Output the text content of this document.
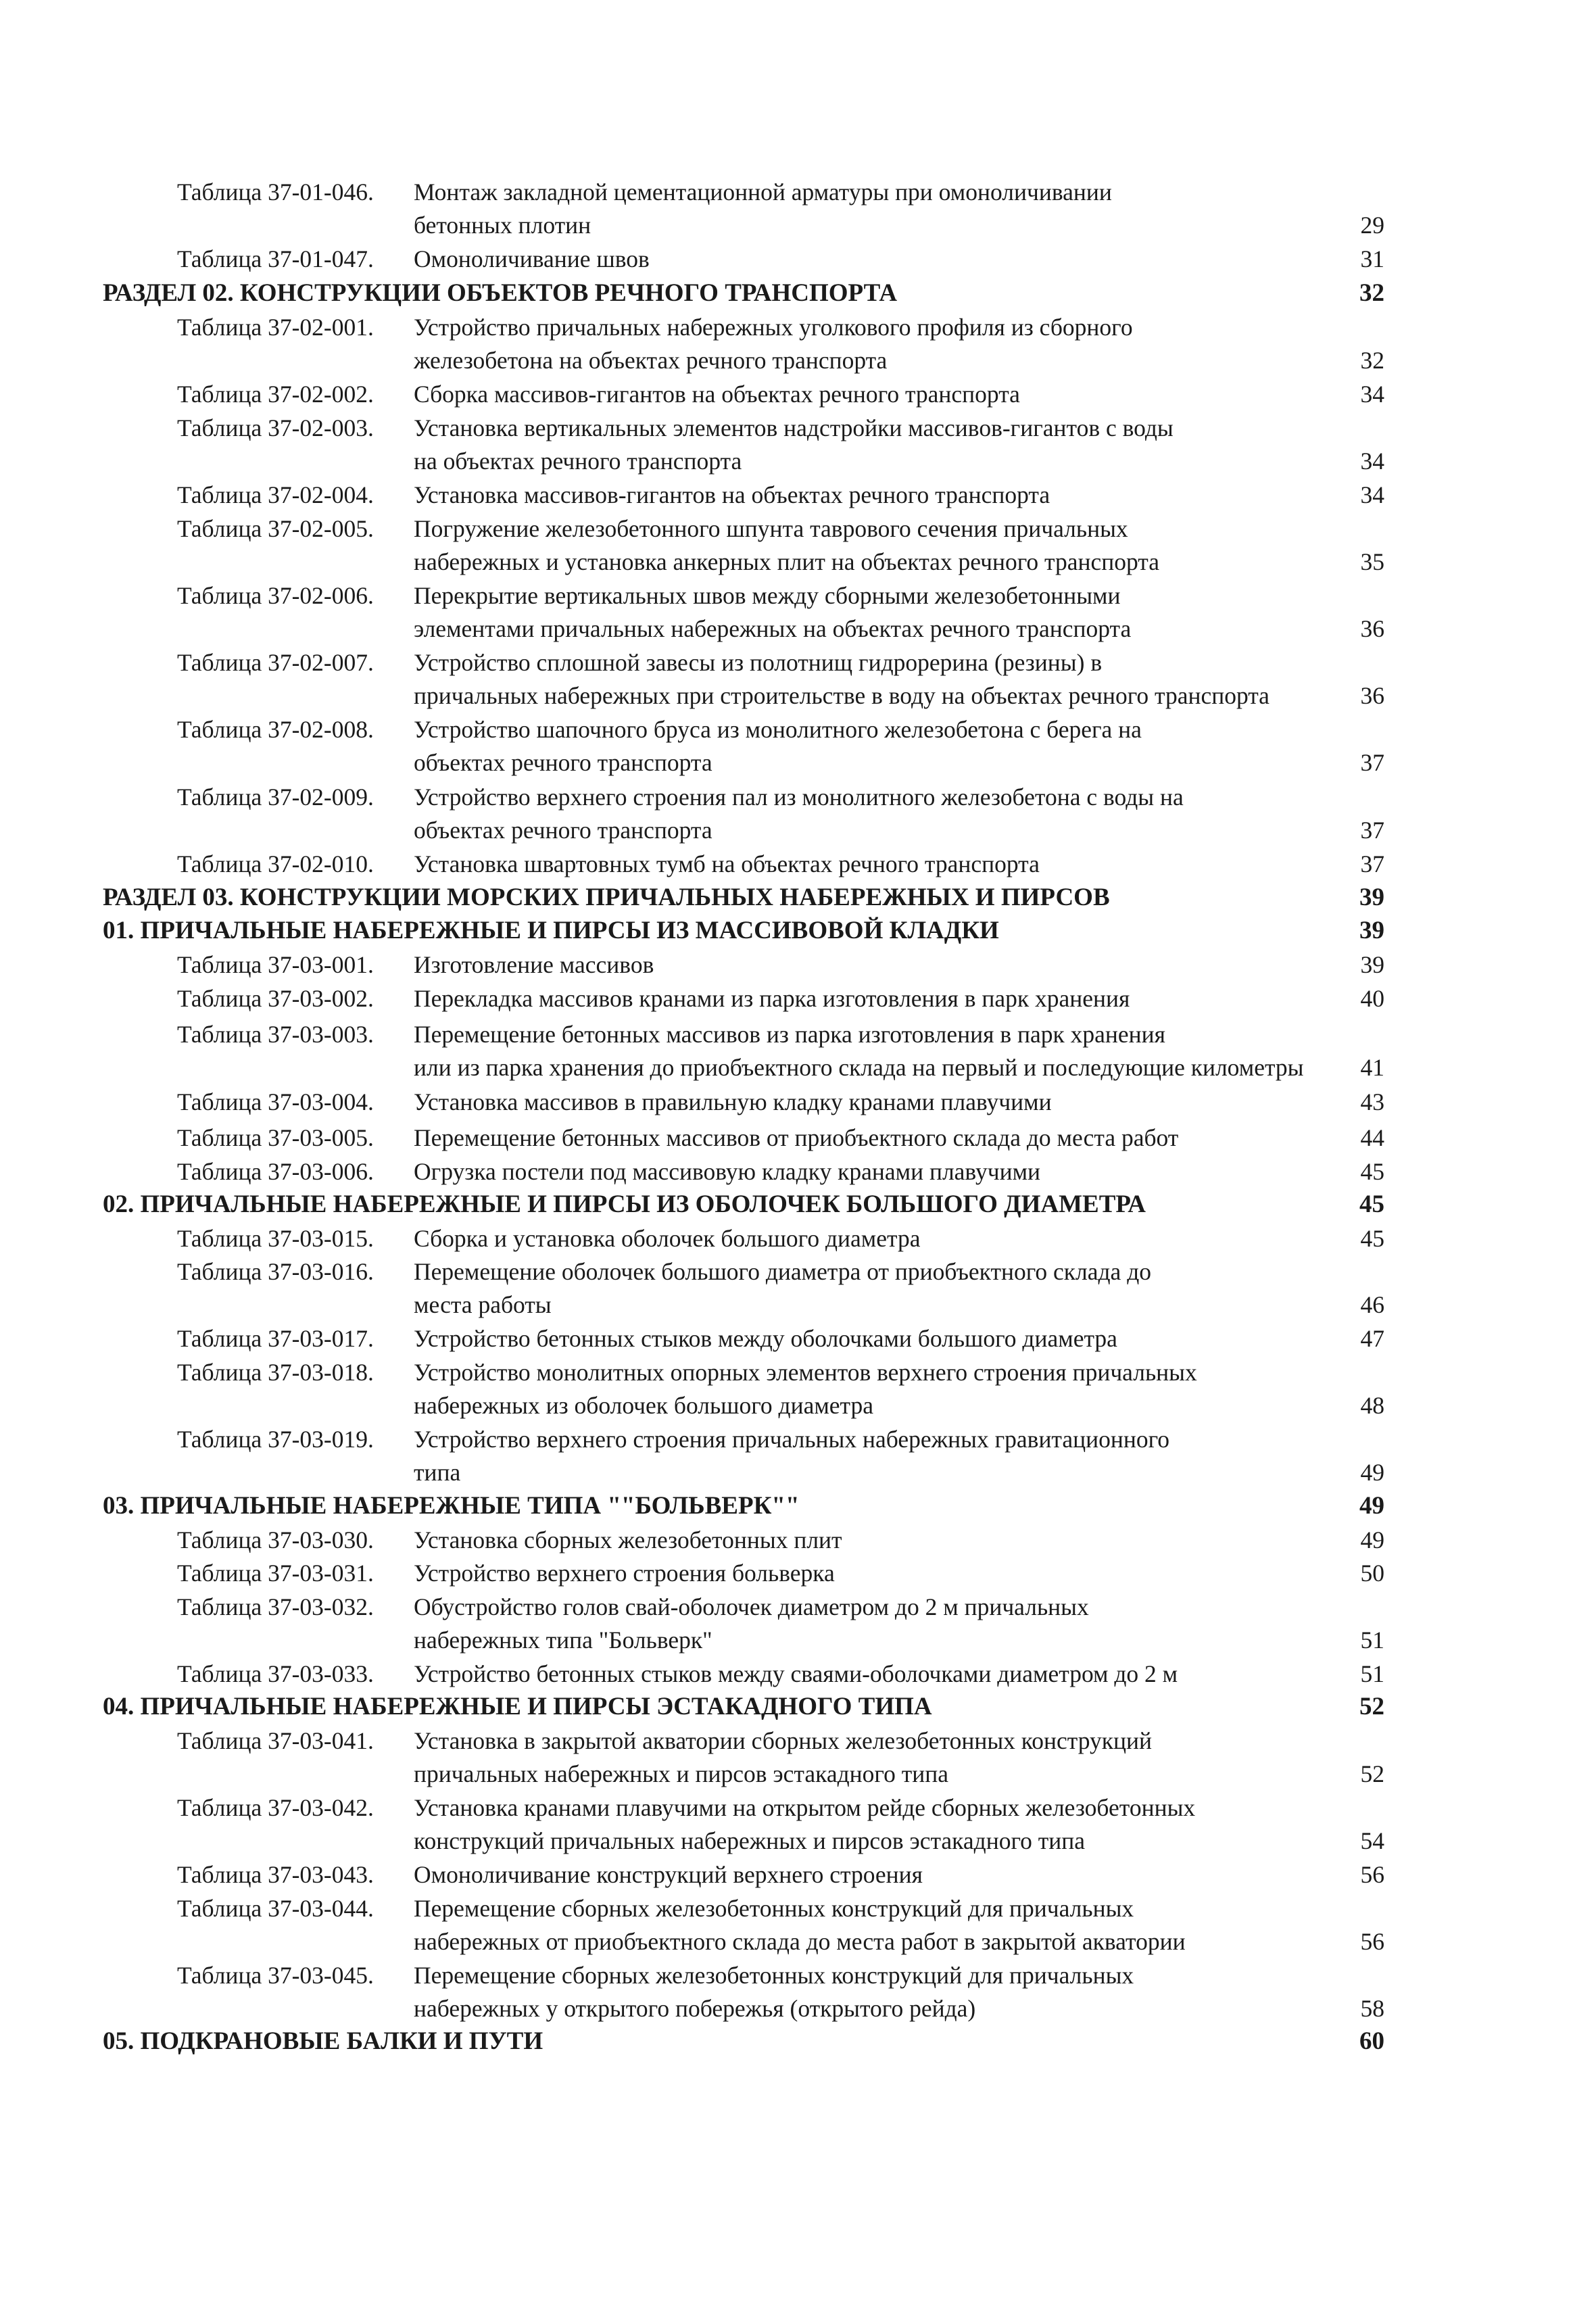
Таблица 37-01-046. Монтаж закладной цементационной арматуры при омоноличивании
бетонных плотин	29
Таблица 37-01-047. Омоноличивание швов	31
РАЗДЕЛ 02. КОНСТРУКЦИИ ОБЪЕКТОВ РЕЧНОГО ТРАНСПОРТА	32
Таблица 37-02-001. Устройство причальных набережных уголкового профиля из сборного
железобетона на объектах речного транспорта	32
Таблица 37-02-002. Сборка массивов-гигантов на объектах речного транспорта	34
Таблица 37-02-003. Установка вертикальных элементов надстройки массивов-гигантов с воды
на объектах речного транспорта	34
Таблица 37-02-004. Установка массивов-гигантов на объектах речного транспорта	34
Таблица 37-02-005. Погружение железобетонного шпунта таврового сечения причальных
набережных и установка анкерных плит на объектах речного транспорта	35
Таблица 37-02-006. Перекрытие вертикальных швов между сборными железобетонными
элементами причальных набережных на объектах речного транспорта	36
Таблица 37-02-007. Устройство сплошной завесы из полотнищ гидрорерина (резины) в
причальных набережных при строительстве в воду на объектах речного транспорта	36
Таблица 37-02-008. Устройство шапочного бруса из монолитного железобетона с берега на
объектах речного транспорта	37
Таблица 37-02-009. Устройство верхнего строения пал из монолитного железобетона с воды на
объектах речного транспорта	37
Таблица 37-02-010. Установка швартовных тумб на объектах речного транспорта	37
РАЗДЕЛ 03. КОНСТРУКЦИИ МОРСКИХ ПРИЧАЛЬНЫХ НАБЕРЕЖНЫХ И ПИРСОВ	39
01. ПРИЧАЛЬНЫЕ НАБЕРЕЖНЫЕ И ПИРСЫ ИЗ МАССИВОВОЙ КЛАДКИ	39
Таблица 37-03-001. Изготовление массивов	39
Таблица 37-03-002. Перекладка массивов кранами из парка изготовления в парк хранения	40
Таблица 37-03-003. Перемещение бетонных массивов из парка изготовления в парк хранения
или из парка хранения до приобъектного склада на первый и последующие километры 41
Таблица 37-03-004. Установка массивов в правильную кладку кранами плавучими	43
Таблица 37-03-005. Перемещение бетонных массивов от приобъектного склада до места работ	44
Таблица 37-03-006. Огрузка постели под массивовую кладку кранами плавучими	45
02. ПРИЧАЛЬНЫЕ НАБЕРЕЖНЫЕ И ПИРСЫ ИЗ ОБОЛОЧЕК БОЛЬШОГО ДИАМЕТРА	45
Таблица 37-03-015. Сборка и установка оболочек большого диаметра	45
Таблица 37-03-016. Перемещение оболочек большого диаметра от приобъектного склада до
места работы	46
Таблица 37-03-017. Устройство бетонных стыков между оболочками большого диаметра	47
Таблица 37-03-018. Устройство монолитных опорных элементов верхнего строения причальных
набережных из оболочек большого диаметра	48
Таблица 37-03-019. Устройство верхнего строения причальных набережных гравитационного
типа	49
03. ПРИЧАЛЬНЫЕ НАБЕРЕЖНЫЕ ТИПА ""БОЛЬВЕРК""	49
Таблица 37-03-030. Установка сборных железобетонных плит	49
Таблица 37-03-031. Устройство верхнего строения больверка	50
Таблица 37-03-032. Обустройство голов свай-оболочек диаметром до 2 м причальных
набережных типа "Больверк"	51
Таблица 37-03-033. Устройство бетонных стыков между сваями-оболочками диаметром до 2 м	51
04. ПРИЧАЛЬНЫЕ НАБЕРЕЖНЫЕ И ПИРСЫ ЭСТАКАДНОГО ТИПА	52
Таблица 37-03-041. Установка в закрытой акватории сборных железобетонных конструкций
причальных набережных и пирсов эстакадного типа	52
Таблица 37-03-042. Установка кранами плавучими на открытом рейде сборных железобетонных
конструкций причальных набережных и пирсов эстакадного типа	54
Таблица 37-03-043. Омоноличивание конструкций верхнего строения	56
Таблица 37-03-044. Перемещение сборных железобетонных конструкций для причальных
набережных от приобъектного склада до места работ в закрытой акватории	56
Таблица 37-03-045. Перемещение сборных железобетонных конструкций для причальных
набережных у открытого побережья (открытого рейда)	58
05. ПОДКРАНОВЫЕ БАЛКИ И ПУТИ	60
